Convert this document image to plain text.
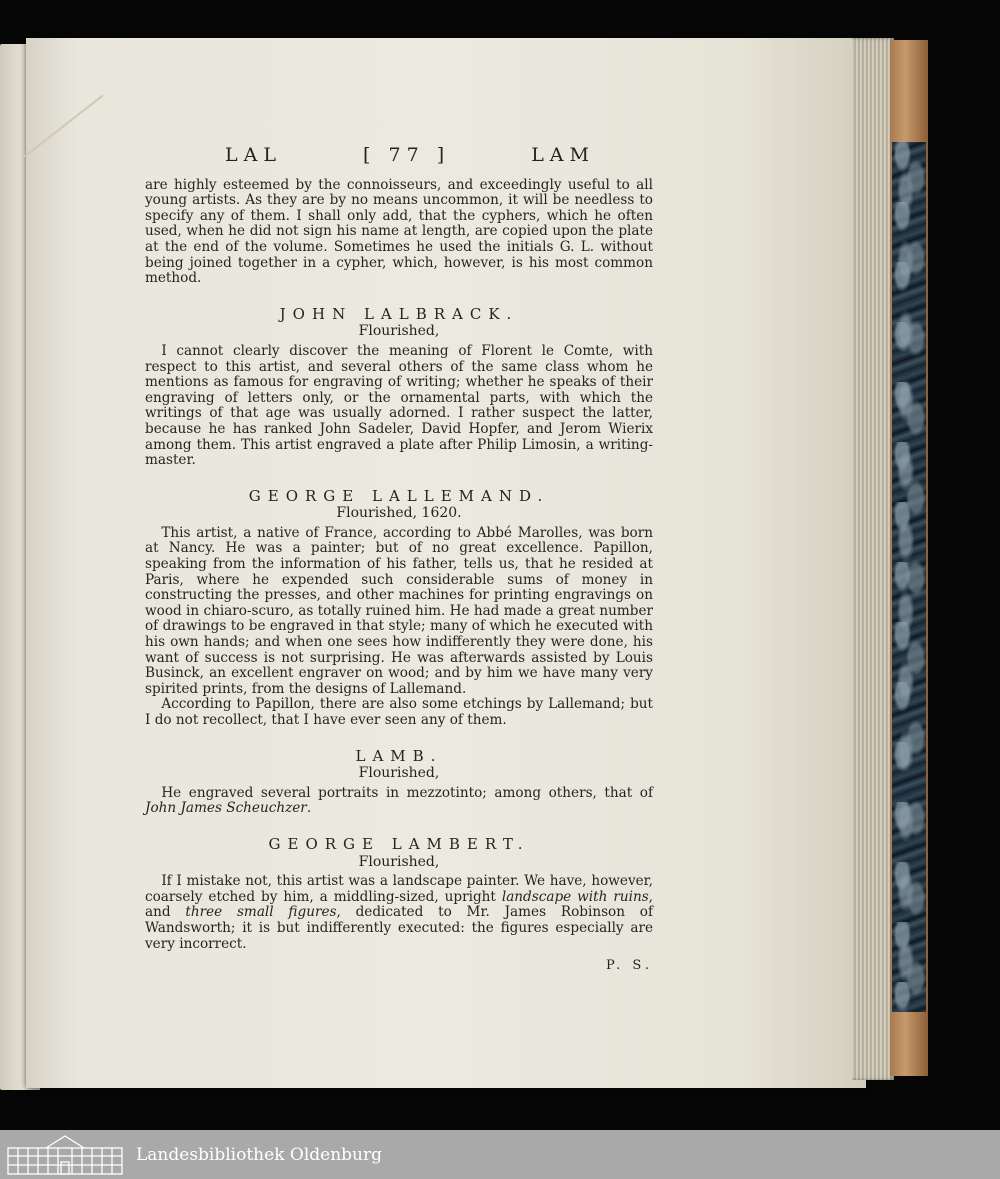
LAL	[ 77 ]	LAM

are highly esteemed by the connoisseurs, and exceedingly useful to all young artists. As they are by no means uncommon, it will be needless to specify any of them. I shall only add, that the cyphers, which he often used, when he did not sign his name at length, are copied upon the plate at the end of the volume. Sometimes he used the initials G. L. without being joined together in a cypher, which, however, is his most common method.

JOHN LALBRACK.
Flourished,

I cannot clearly discover the meaning of Florent le Comte, with respect to this artist, and several others of the same class whom he mentions as famous for engraving of writing; whether he speaks of their engraving of letters only, or the ornamental parts, with which the writings of that age was usually adorned. I rather suspect the latter, because he has ranked John Sadeler, David Hopfer, and Jerom Wierix among them. This artist engraved a plate after Philip Limosin, a writing-master.

GEORGE LALLEMAND.
Flourished, 1620.

This artist, a native of France, according to Abbé Marolles, was born at Nancy. He was a painter; but of no great excellence. Papillon, speaking from the information of his father, tells us, that he resided at Paris, where he expended such considerable sums of money in constructing the presses, and other machines for printing engravings on wood in chiaro-scuro, as totally ruined him. He had made a great number of drawings to be engraved in that style; many of which he executed with his own hands; and when one sees how indifferently they were done, his want of success is not surprising. He was afterwards assisted by Louis Businck, an excellent engraver on wood; and by him we have many very spirited prints, from the designs of Lallemand.

According to Papillon, there are also some etchings by Lallemand; but I do not recollect, that I have ever seen any of them.

LAMB.
Flourished,

He engraved several portraits in mezzotinto; among others, that of John James Scheuchzer.

GEORGE LAMBERT.
Flourished,

If I mistake not, this artist was a landscape painter. We have, however, coarsely etched by him, a middling-sized, upright landscape with ruins, and three small figures, dedicated to Mr. James Robinson of Wandsworth; it is but indifferently executed: the figures especially are very incorrect.

P. S.
Landesbibliothek Oldenburg
